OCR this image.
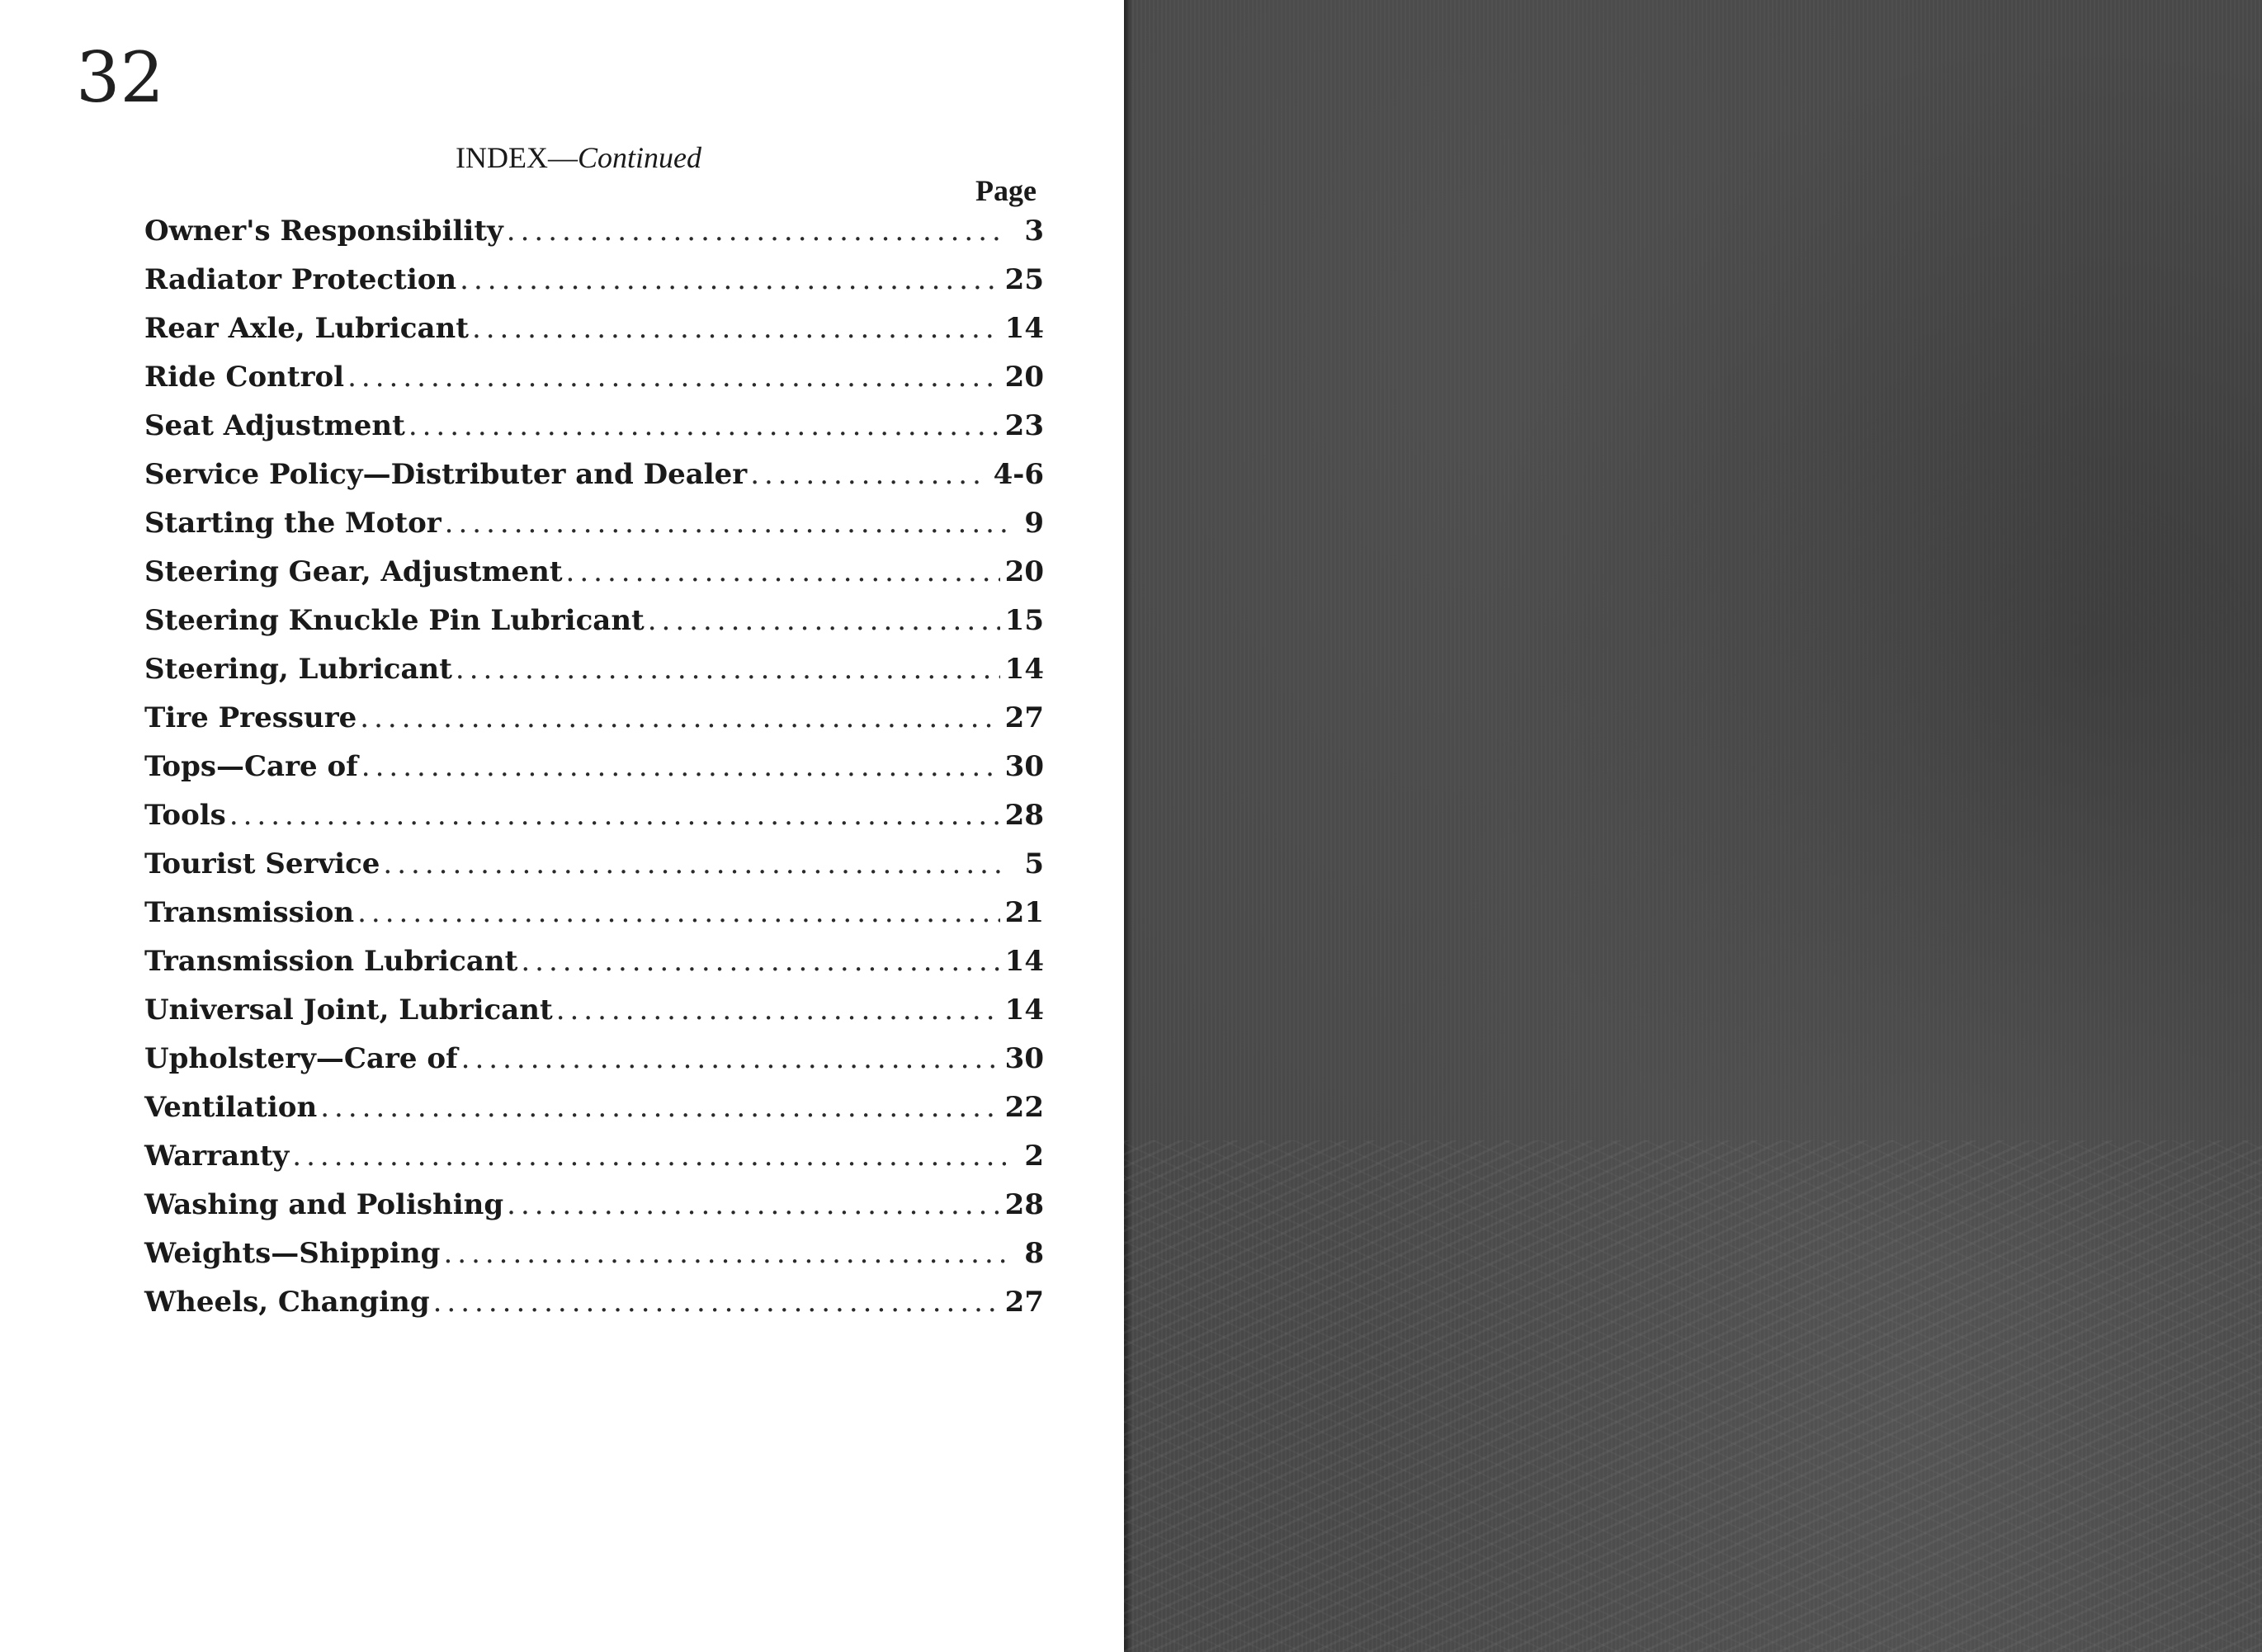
32
INDEX—Continued
Page
Owner's Responsibility .....	3
Radiator Protection .....	25
Rear Axle, Lubricant .....	14
Ride Control .....	20
Seat Adjustment .....	23
Service Policy—Distributer and Dealer .....	4-6
Starting the Motor .....	9
Steering Gear, Adjustment .....	20
Steering Knuckle Pin Lubricant .....	15
Steering, Lubricant .....	14
Tire Pressure .....	27
Tops—Care of .....	30
Tools .....	28
Tourist Service .....	5
Transmission .....	21
Transmission Lubricant .....	14
Universal Joint, Lubricant .....	14
Upholstery—Care of .....	30
Ventilation .....	22
Warranty .....	2
Washing and Polishing .....	28
Weights—Shipping .....	8
Wheels, Changing .....	27
